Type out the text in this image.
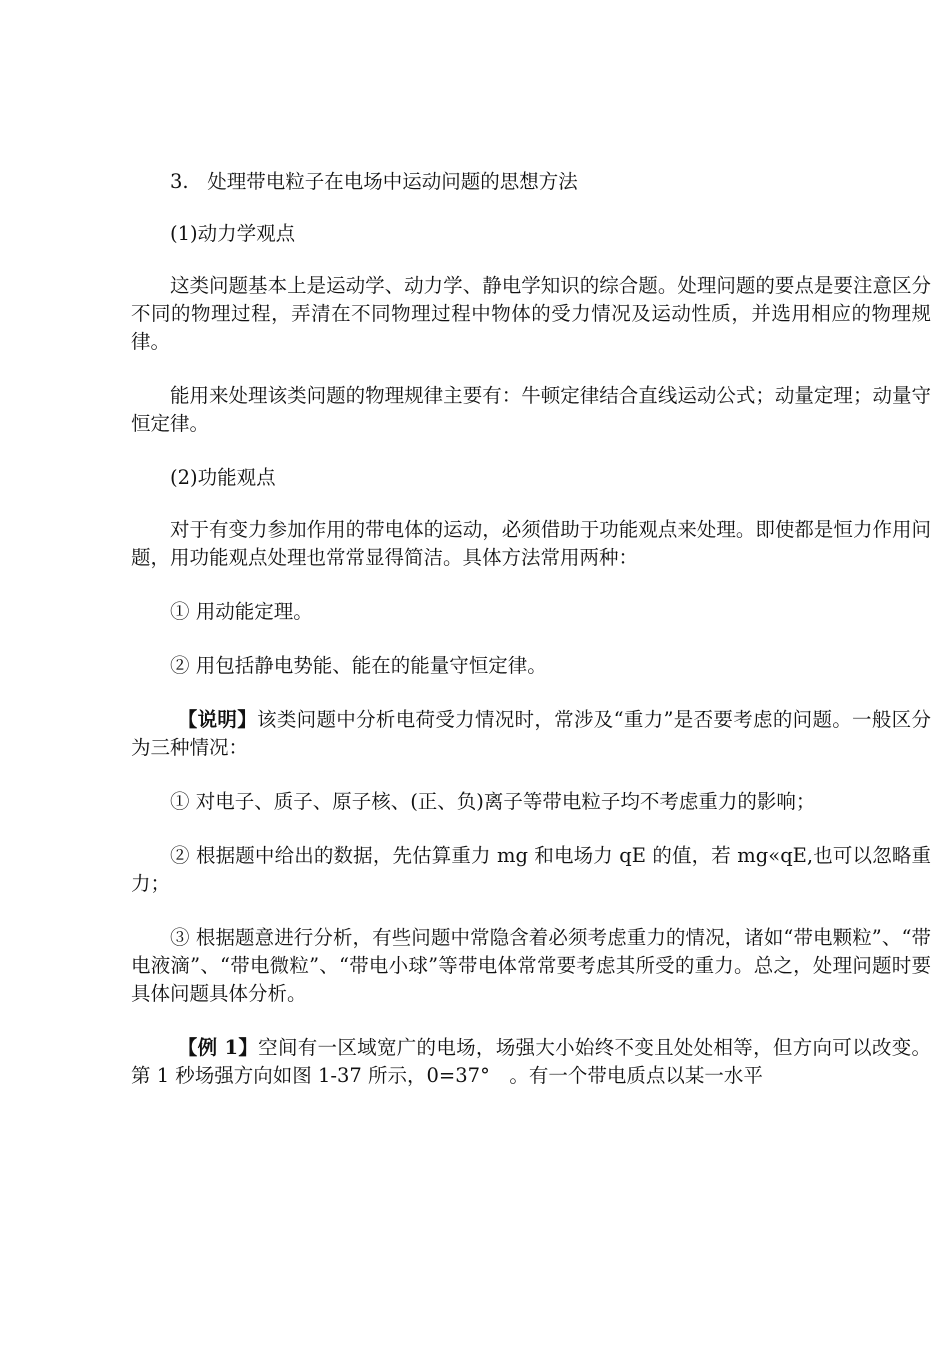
3. 处理带电粒子在电场中运动问题的思想方法

(1)动力学观点

这类问题基本上是运动学、动力学、静电学知识的综合题。处理问题的要点是要注意区分不同的物理过程，弄清在不同物理过程中物体的受力情况及运动性质，并选用相应的物理规律。

能用来处理该类问题的物理规律主要有：牛顿定律结合直线运动公式；动量定理；动量守恒定律。

(2)功能观点

对于有变力参加作用的带电体的运动，必须借助于功能观点来处理。即使都是恒力作用问题，用功能观点处理也常常显得简洁。具体方法常用两种：

① 用动能定理。

② 用包括静电势能、能在的能量守恒定律。

【说明】该类问题中分析电荷受力情况时，常涉及“重力”是否要考虑的问题。一般区分为三种情况：

① 对电子、质子、原子核、(正、负)离子等带电粒子均不考虑重力的影响；

② 根据题中给出的数据，先估算重力 mg 和电场力 qE 的值，若 mg«qE,也可以忽略重力；

③ 根据题意进行分析，有些问题中常隐含着必须考虑重力的情况，诸如“带电颗粒”、“带电液滴”、“带电微粒”、“带电小球”等带电体常常要考虑其所受的重力。总之，处理问题时要具体问题具体分析。

【例 1】空间有一区域宽广的电场，场强大小始终不变且处处相等，但方向可以改变。第 1 秒场强方向如图 1-37 所示，0=37°　。有一个带电质点以某一水平
